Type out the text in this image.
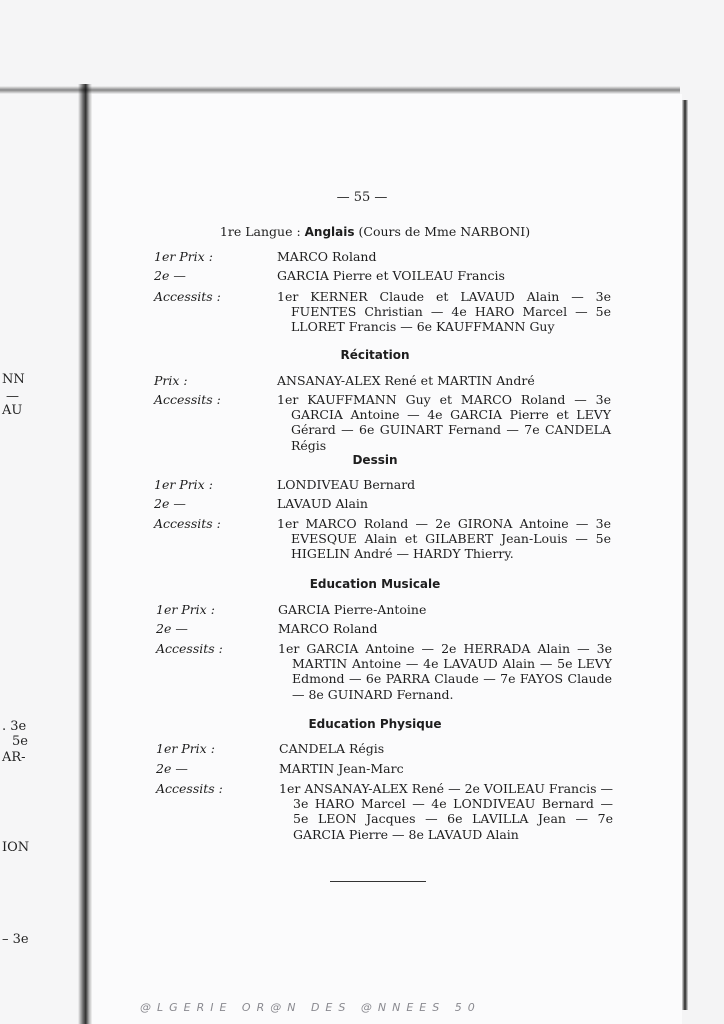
NN
—
AU
. 3e
5e
AR-
ION
– 3e
— 55 —
1re Langue : Anglais (Cours de Mme NARBONI)
1er Prix :	MARCO Roland
2e —	GARCIA Pierre et VOILEAU Francis
Accessits :	1er KERNER Claude et LAVAUD Alain — 3e FUENTES Christian — 4e HARO Marcel — 5e LLORET Francis — 6e KAUFFMANN Guy
Récitation
Prix :	ANSANAY-ALEX René et MARTIN André
Accessits :	1er KAUFFMANN Guy et MARCO Roland — 3e GARCIA Antoine — 4e GARCIA Pierre et LEVY Gérard — 6e GUINART Fernand — 7e CANDELA Régis
Dessin
1er Prix :	LONDIVEAU Bernard
2e —	LAVAUD Alain
Accessits :	1er MARCO Roland — 2e GIRONA Antoine — 3e EVESQUE Alain et GILABERT Jean-Louis — 5e HIGELIN André — HARDY Thierry.
Education Musicale
1er Prix :	GARCIA Pierre-Antoine
2e —	MARCO Roland
Accessits :	1er GARCIA Antoine — 2e HERRADA Alain — 3e MARTIN Antoine — 4e LAVAUD Alain — 5e LEVY Edmond — 6e PARRA Claude — 7e FAYOS Claude — 8e GUINARD Fernand.
Education Physique
1er Prix :	CANDELA Régis
2e —	MARTIN Jean-Marc
Accessits :	1er ANSANAY-ALEX René — 2e VOILEAU Francis — 3e HARO Marcel — 4e LONDIVEAU Bernard — 5e LEON Jacques — 6e LAVILLA Jean — 7e GARCIA Pierre — 8e LAVAUD Alain
@LGERIE OR@N DES @NNEES 50
